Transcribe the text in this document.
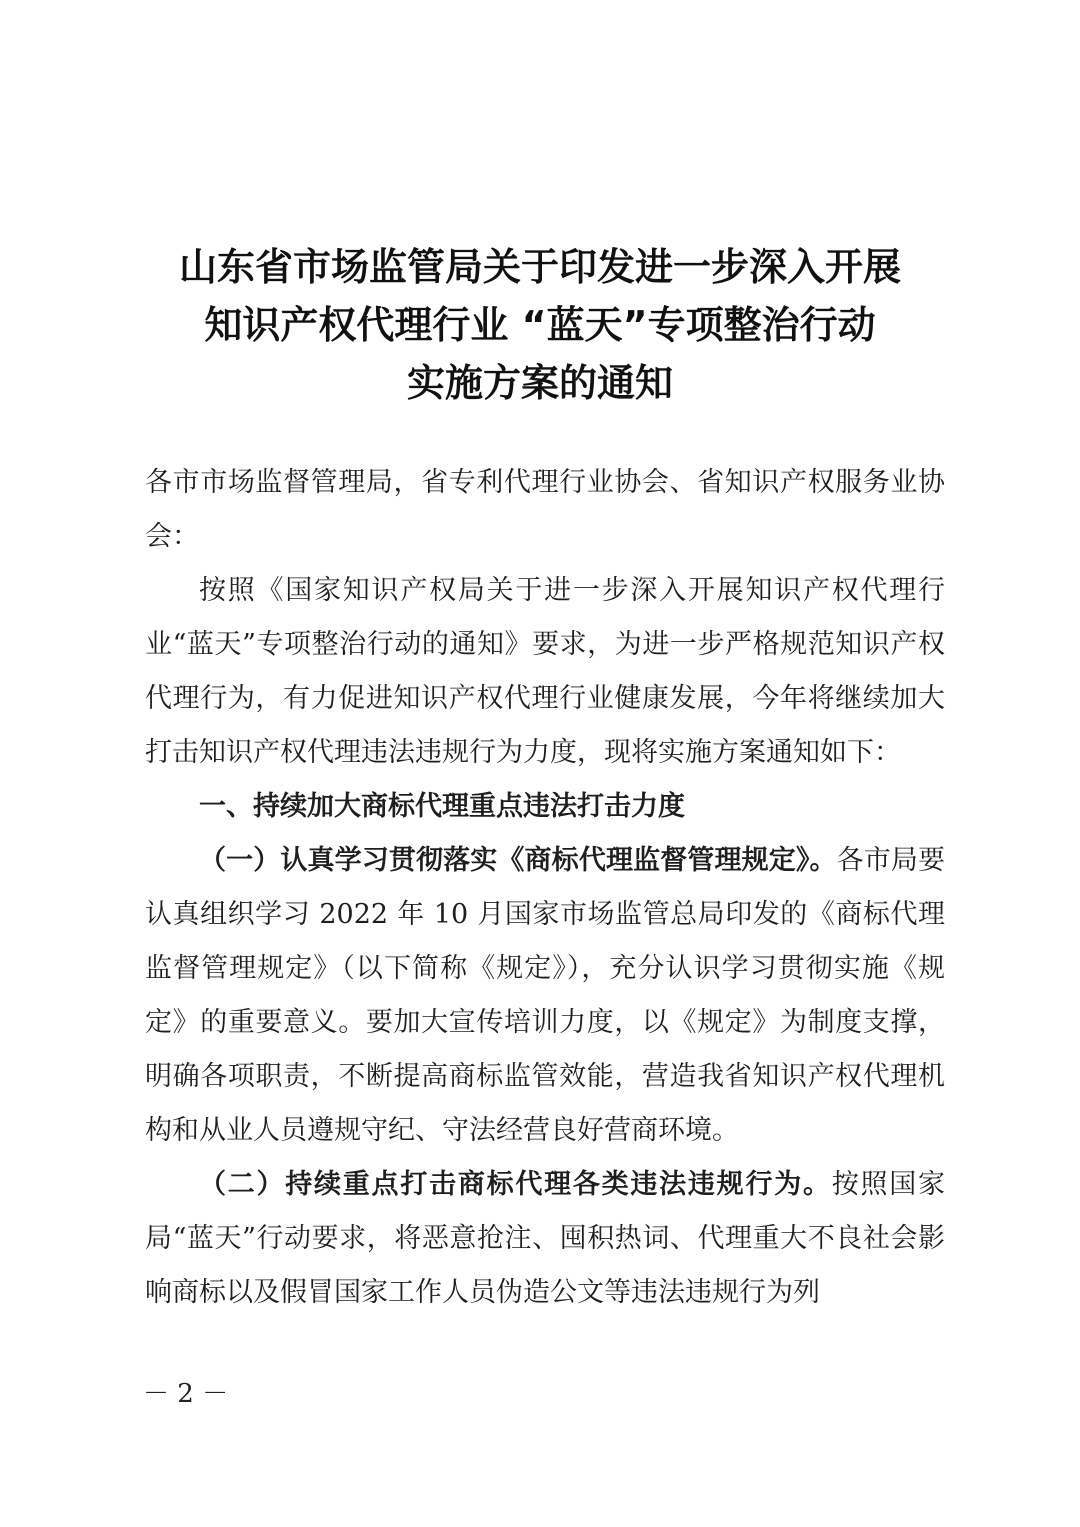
山东省市场监管局关于印发进一步深入开展
知识产权代理行业 “蓝天”专项整治行动
实施方案的通知

各市市场监督管理局，省专利代理行业协会、省知识产权服务业协会：

按照《国家知识产权局关于进一步深入开展知识产权代理行业“蓝天”专项整治行动的通知》要求，为进一步严格规范知识产权代理行为，有力促进知识产权代理行业健康发展，今年将继续加大打击知识产权代理违法违规行为力度，现将实施方案通知如下：

一、持续加大商标代理重点违法打击力度

（一）认真学习贯彻落实《商标代理监督管理规定》。各市局要认真组织学习 2022 年 10 月国家市场监管总局印发的《商标代理监督管理规定》（以下简称《规定》），充分认识学习贯彻实施《规定》的重要意义。要加大宣传培训力度，以《规定》为制度支撑，明确各项职责，不断提高商标监管效能，营造我省知识产权代理机构和从业人员遵规守纪、守法经营良好营商环境。

（二）持续重点打击商标代理各类违法违规行为。按照国家局“蓝天”行动要求，将恶意抢注、囤积热词、代理重大不良社会影响商标以及假冒国家工作人员伪造公文等违法违规行为列

－ 2 －
